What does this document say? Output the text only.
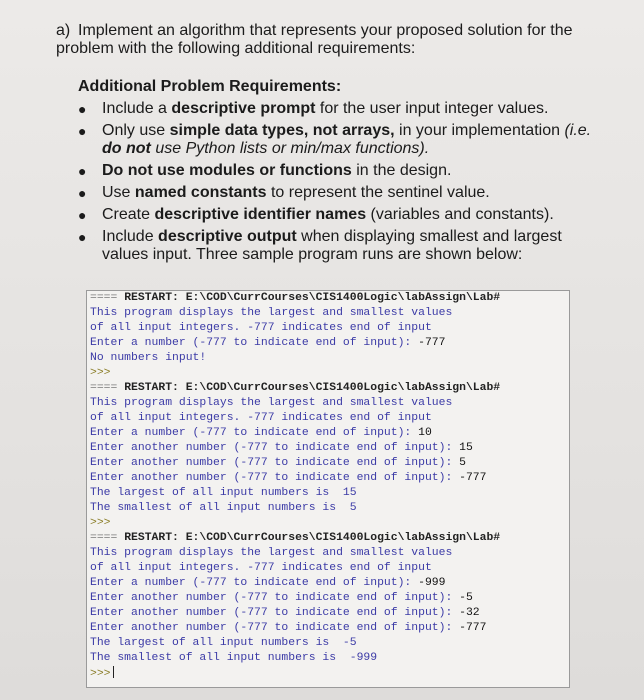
a) Implement an algorithm that represents your proposed solution for the problem with the following additional requirements:
Additional Problem Requirements:
● Include a descriptive prompt for the user input integer values.
● Only use simple data types, not arrays, in your implementation (i.e. do not use Python lists or min/max functions).
● Do not use modules or functions in the design.
● Use named constants to represent the sentinel value.
● Create descriptive identifier names (variables and constants).
● Include descriptive output when displaying smallest and largest values input. Three sample program runs are shown below:
==== RESTART: E:\COD\CurrCourses\CIS1400Logic\labAssign\Lab#
This program displays the largest and smallest values
of all input integers. -777 indicates end of input
Enter a number (-777 to indicate end of input): -777
No numbers input!
>>>
==== RESTART: E:\COD\CurrCourses\CIS1400Logic\labAssign\Lab#
This program displays the largest and smallest values
of all input integers. -777 indicates end of input
Enter a number (-777 to indicate end of input): 10
Enter another number (-777 to indicate end of input): 15
Enter another number (-777 to indicate end of input): 5
Enter another number (-777 to indicate end of input): -777
The largest of all input numbers is  15
The smallest of all input numbers is  5
>>>
==== RESTART: E:\COD\CurrCourses\CIS1400Logic\labAssign\Lab#
This program displays the largest and smallest values
of all input integers. -777 indicates end of input
Enter a number (-777 to indicate end of input): -999
Enter another number (-777 to indicate end of input): -5
Enter another number (-777 to indicate end of input): -32
Enter another number (-777 to indicate end of input): -777
The largest of all input numbers is  -5
The smallest of all input numbers is  -999
>>>
